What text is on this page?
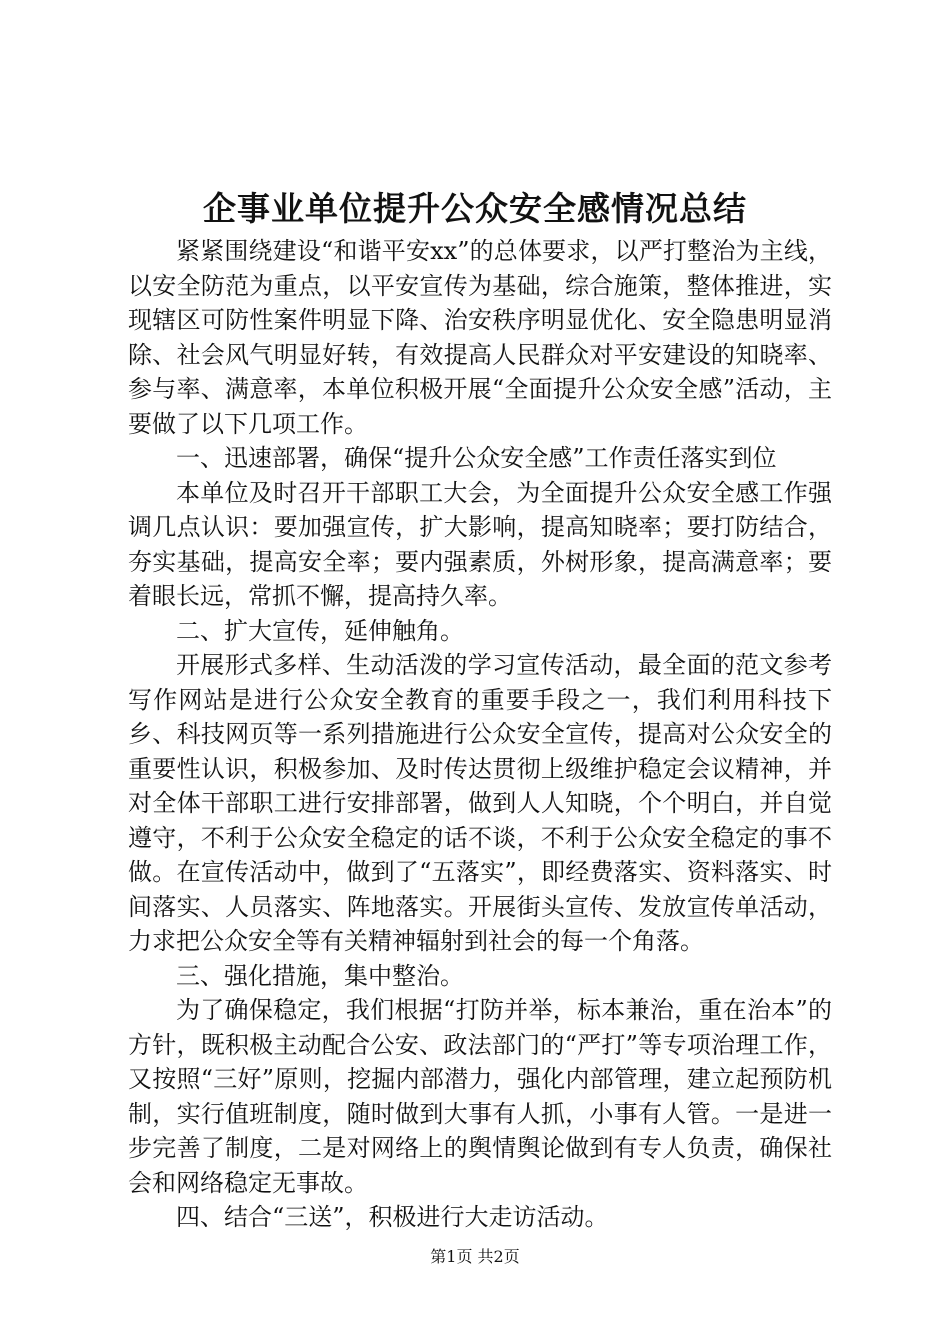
企事业单位提升公众安全感情况总结

紧紧围绕建设“和谐平安xx”的总体要求，以严打整治为主线，以安全防范为重点，以平安宣传为基础，综合施策，整体推进，实现辖区可防性案件明显下降、治安秩序明显优化、安全隐患明显消除、社会风气明显好转，有效提高人民群众对平安建设的知晓率、参与率、满意率，本单位积极开展“全面提升公众安全感”活动，主要做了以下几项工作。

一、迅速部署，确保“提升公众安全感”工作责任落实到位

本单位及时召开干部职工大会，为全面提升公众安全感工作强调几点认识：要加强宣传，扩大影响，提高知晓率；要打防结合，夯实基础，提高安全率；要内强素质，外树形象，提高满意率；要着眼长远，常抓不懈，提高持久率。

二、扩大宣传，延伸触角。

开展形式多样、生动活泼的学习宣传活动，最全面的范文参考写作网站是进行公众安全教育的重要手段之一，我们利用科技下乡、科技网页等一系列措施进行公众安全宣传，提高对公众安全的重要性认识，积极参加、及时传达贯彻上级维护稳定会议精神，并对全体干部职工进行安排部署，做到人人知晓，个个明白，并自觉遵守，不利于公众安全稳定的话不谈，不利于公众安全稳定的事不做。在宣传活动中，做到了“五落实”，即经费落实、资料落实、时间落实、人员落实、阵地落实。开展街头宣传、发放宣传单活动，力求把公众安全等有关精神辐射到社会的每一个角落。

三、强化措施，集中整治。

为了确保稳定，我们根据“打防并举，标本兼治，重在治本”的方针，既积极主动配合公安、政法部门的“严打”等专项治理工作，又按照“三好”原则，挖掘内部潜力，强化内部管理，建立起预防机制，实行值班制度，随时做到大事有人抓，小事有人管。一是进一步完善了制度，二是对网络上的舆情舆论做到有专人负责，确保社会和网络稳定无事故。

四、结合“三送”，积极进行大走访活动。

第1页 共2页
